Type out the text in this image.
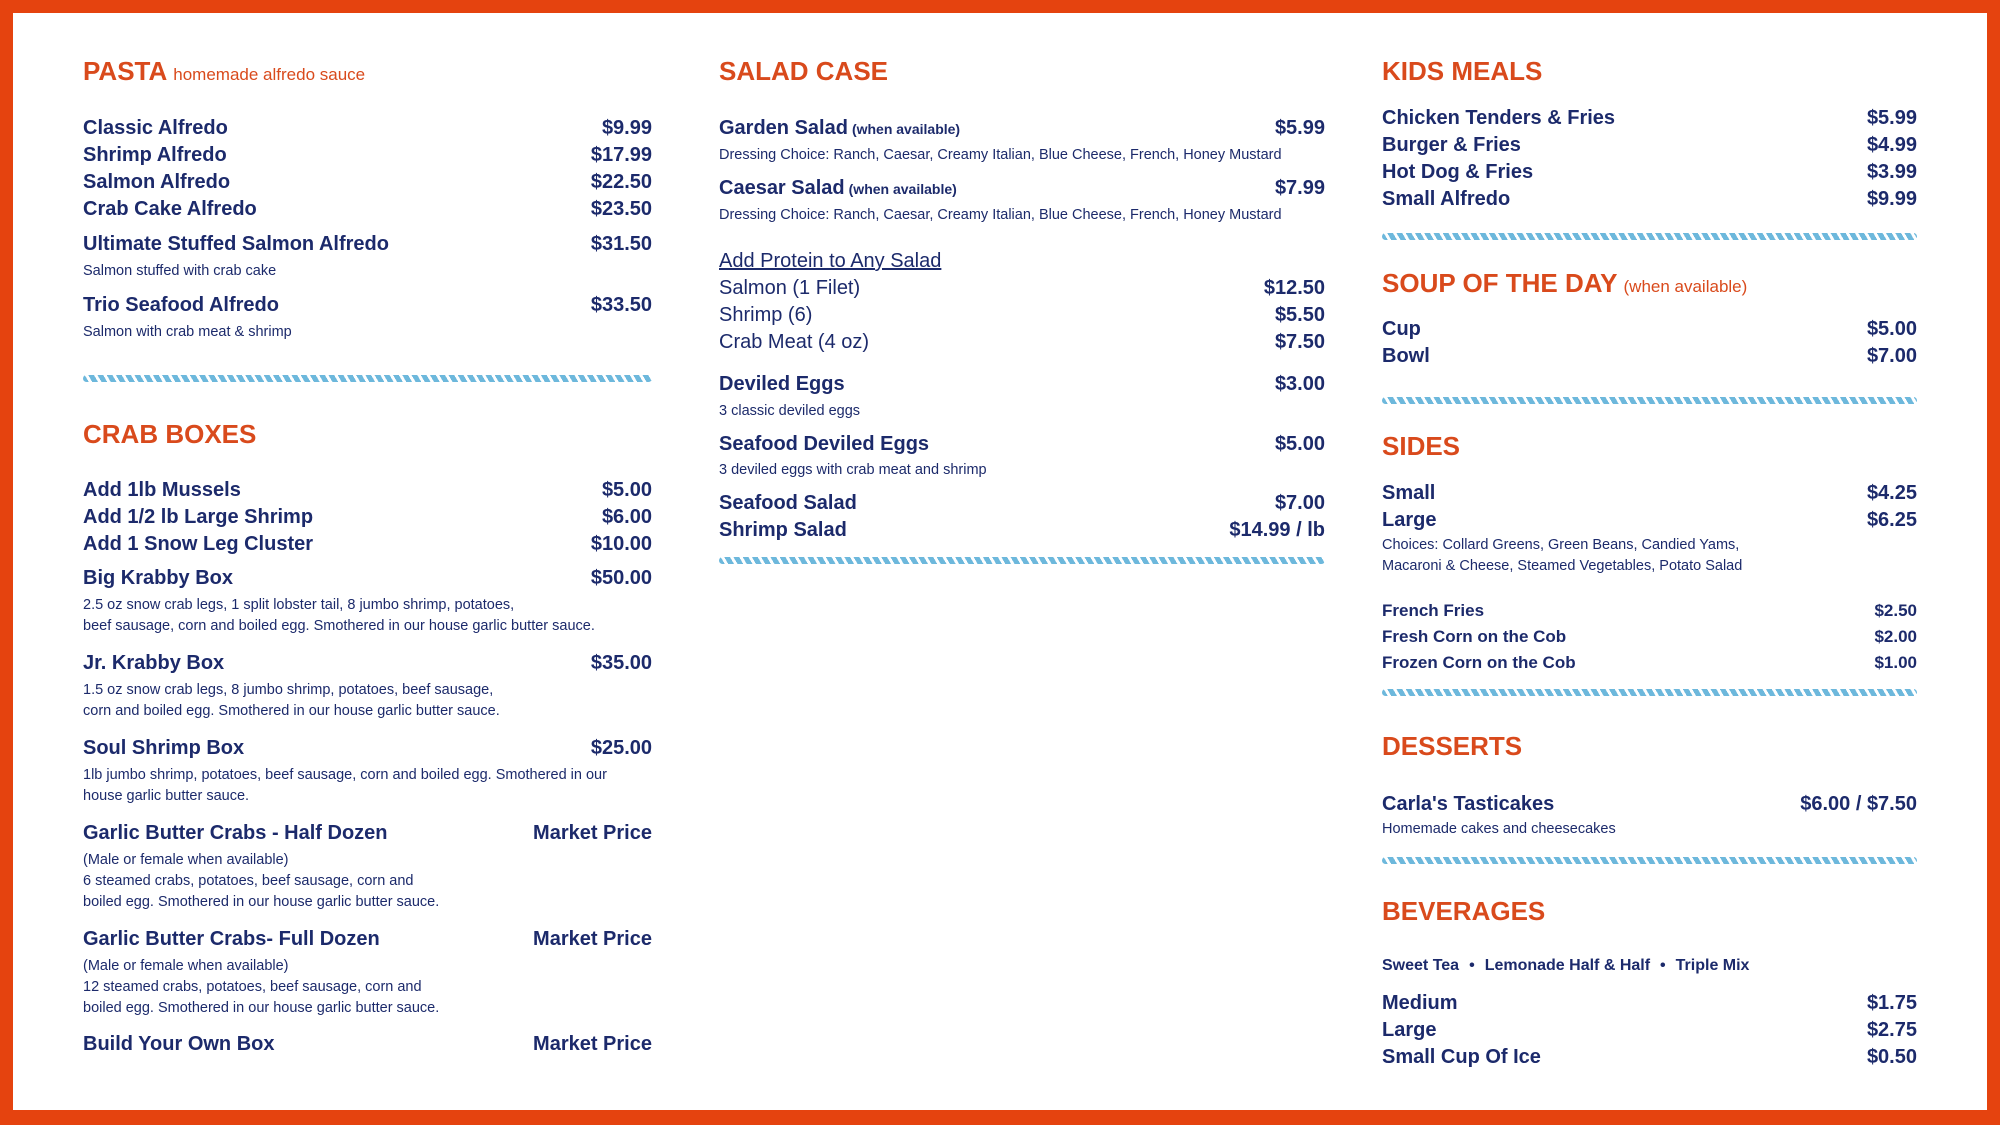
PASTA homemade alfredo sauce
Classic Alfredo	$9.99
Shrimp Alfredo	$17.99
Salmon Alfredo	$22.50
Crab Cake Alfredo	$23.50
Ultimate Stuffed Salmon Alfredo	$31.50
Salmon stuffed with crab cake
Trio Seafood Alfredo	$33.50
Salmon with crab meat & shrimp
CRAB BOXES
Add 1lb Mussels	$5.00
Add 1/2 lb Large Shrimp	$6.00
Add 1 Snow Leg Cluster	$10.00
Big Krabby Box	$50.00
2.5 oz snow crab legs, 1 split lobster tail, 8 jumbo shrimp, potatoes,
beef sausage, corn and boiled egg. Smothered in our house garlic butter sauce.
Jr. Krabby Box	$35.00
1.5 oz snow crab legs, 8 jumbo shrimp, potatoes, beef sausage,
corn and boiled egg. Smothered in our house garlic butter sauce.
Soul Shrimp Box	$25.00
1lb jumbo shrimp, potatoes, beef sausage, corn and boiled egg. Smothered in our
house garlic butter sauce.
Garlic Butter Crabs - Half Dozen	Market Price
(Male or female when available)
6 steamed crabs, potatoes, beef sausage, corn and
boiled egg. Smothered in our house garlic butter sauce.
Garlic Butter Crabs- Full Dozen	Market Price
(Male or female when available)
12 steamed crabs, potatoes, beef sausage, corn and
boiled egg. Smothered in our house garlic butter sauce.
Build Your Own Box	Market Price
SALAD CASE
Garden Salad (when available)	$5.99
Dressing Choice: Ranch, Caesar, Creamy Italian, Blue Cheese, French, Honey Mustard
Caesar Salad (when available)	$7.99
Dressing Choice: Ranch, Caesar, Creamy Italian, Blue Cheese, French, Honey Mustard
Add Protein to Any Salad
Salmon (1 Filet)	$12.50
Shrimp (6)	$5.50
Crab Meat (4 oz)	$7.50
Deviled Eggs	$3.00
3 classic deviled eggs
Seafood Deviled Eggs	$5.00
3 deviled eggs with crab meat and shrimp
Seafood Salad	$7.00
Shrimp Salad	$14.99 / lb
KIDS MEALS
Chicken Tenders & Fries	$5.99
Burger & Fries	$4.99
Hot Dog & Fries	$3.99
Small Alfredo	$9.99
SOUP OF THE DAY (when available)
Cup	$5.00
Bowl	$7.00
SIDES
Small	$4.25
Large	$6.25
Choices: Collard Greens, Green Beans, Candied Yams,
Macaroni & Cheese, Steamed Vegetables, Potato Salad
French Fries	$2.50
Fresh Corn on the Cob	$2.00
Frozen Corn on the Cob	$1.00
DESSERTS
Carla's Tasticakes	$6.00 / $7.50
Homemade cakes and cheesecakes
BEVERAGES
Sweet Tea • Lemonade Half & Half • Triple Mix
Medium	$1.75
Large	$2.75
Small Cup Of Ice	$0.50
